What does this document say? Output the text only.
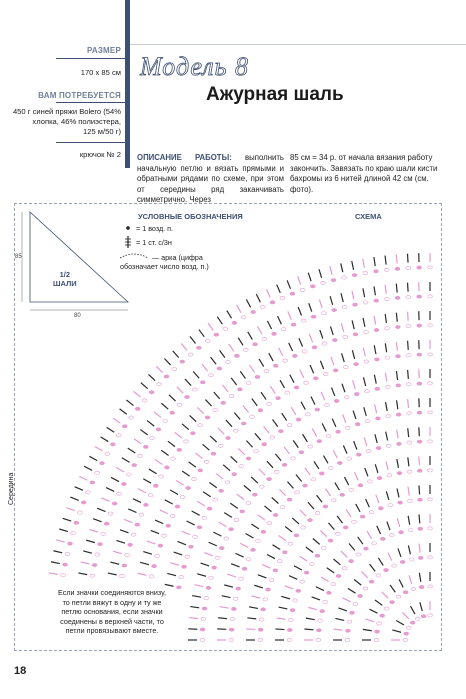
РАЗМЕР
170 х 85 см
ВАМ ПОТРЕБУЕТСЯ
450 г синей пряжи Bolero (54%
хлопка, 46% полиэстера,
125 м/50 г)
крючок № 2
Модель 8
Ажурная шаль
ОПИСАНИЕ РАБОТЫ: выполнить начальную петлю и вязать прямыми и обратными рядами по схеме, при этом от середины ряд заканчивать симметрично. Через
85 см = 34 р. от начала вязания работу закончить. Завязать по краю шали кисти бахромы из 6 нитей длиной 42 см (см. фото).
УСЛОВНЫЕ ОБОЗНАЧЕНИЯ	СХЕМА
= 1 возд. п.
= 1 ст. с/3н
— арка (цифра
обозначает число возд. п.)
1/2
ШАЛИ
85
80
Середина
Если значки соединяются внизу, то петли вяжут в одну и ту же петлю основания, если значки соединены в верхней части, то петли провязывают вместе.
18
